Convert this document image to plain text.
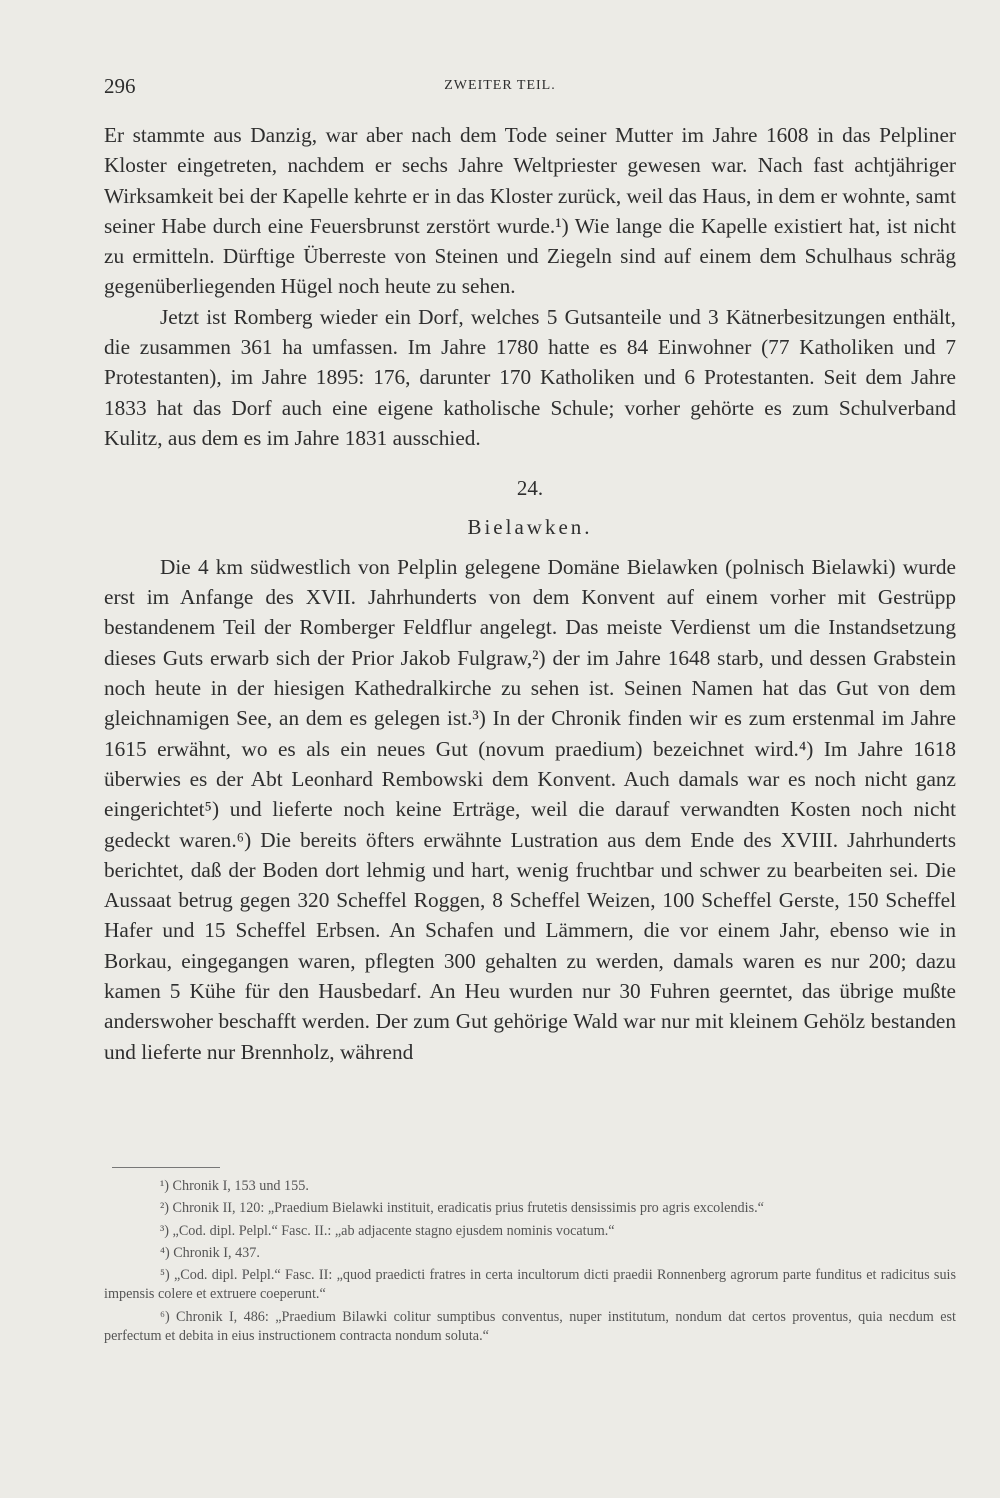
296	ZWEITER TEIL.

Er stammte aus Danzig, war aber nach dem Tode seiner Mutter im Jahre 1608 in das Pelpliner Kloster eingetreten, nachdem er sechs Jahre Weltpriester gewesen war. Nach fast achtjähriger Wirksamkeit bei der Kapelle kehrte er in das Kloster zurück, weil das Haus, in dem er wohnte, samt seiner Habe durch eine Feuersbrunst zerstört wurde.¹) Wie lange die Kapelle existiert hat, ist nicht zu ermitteln. Dürftige Überreste von Steinen und Ziegeln sind auf einem dem Schulhaus schräg gegenüberliegenden Hügel noch heute zu sehen.

Jetzt ist Romberg wieder ein Dorf, welches 5 Gutsanteile und 3 Kätnerbesitzungen enthält, die zusammen 361 ha umfassen. Im Jahre 1780 hatte es 84 Einwohner (77 Katholiken und 7 Protestanten), im Jahre 1895: 176, darunter 170 Katholiken und 6 Protestanten. Seit dem Jahre 1833 hat das Dorf auch eine eigene katholische Schule; vorher gehörte es zum Schulverband Kulitz, aus dem es im Jahre 1831 ausschied.

24.
Bielawken.

Die 4 km südwestlich von Pelplin gelegene Domäne Bielawken (polnisch Bielawki) wurde erst im Anfange des XVII. Jahrhunderts von dem Konvent auf einem vorher mit Gestrüpp bestandenem Teil der Romberger Feldflur angelegt. Das meiste Verdienst um die Instandsetzung dieses Guts erwarb sich der Prior Jakob Fulgraw,²) der im Jahre 1648 starb, und dessen Grabstein noch heute in der hiesigen Kathedralkirche zu sehen ist. Seinen Namen hat das Gut von dem gleichnamigen See, an dem es gelegen ist.³) In der Chronik finden wir es zum erstenmal im Jahre 1615 erwähnt, wo es als ein neues Gut (novum praedium) bezeichnet wird.⁴) Im Jahre 1618 überwies es der Abt Leonhard Rembowski dem Konvent. Auch damals war es noch nicht ganz eingerichtet⁵) und lieferte noch keine Erträge, weil die darauf verwandten Kosten noch nicht gedeckt waren.⁶) Die bereits öfters erwähnte Lustration aus dem Ende des XVIII. Jahrhunderts berichtet, daß der Boden dort lehmig und hart, wenig fruchtbar und schwer zu bearbeiten sei. Die Aussaat betrug gegen 320 Scheffel Roggen, 8 Scheffel Weizen, 100 Scheffel Gerste, 150 Scheffel Hafer und 15 Scheffel Erbsen. An Schafen und Lämmern, die vor einem Jahr, ebenso wie in Borkau, eingegangen waren, pflegten 300 gehalten zu werden, damals waren es nur 200; dazu kamen 5 Kühe für den Hausbedarf. An Heu wurden nur 30 Fuhren geerntet, das übrige mußte anderswoher beschafft werden. Der zum Gut gehörige Wald war nur mit kleinem Gehölz bestanden und lieferte nur Brennholz, während

¹) Chronik I, 153 und 155.

²) Chronik II, 120: „Praedium Bielawki instituit, eradicatis prius frutetis densissimis pro agris excolendis.“

³) „Cod. dipl. Pelpl.“ Fasc. II.: „ab adjacente stagno ejusdem nominis vocatum.“

⁴) Chronik I, 437.

⁵) „Cod. dipl. Pelpl.“ Fasc. II: „quod praedicti fratres in certa incultorum dicti praedii Ronnenberg agrorum parte funditus et radicitus suis impensis colere et extruere coeperunt.“

⁶) Chronik I, 486: „Praedium Bilawki colitur sumptibus conventus, nuper institutum, nondum dat certos proventus, quia necdum est perfectum et debita in eius instructionem contracta nondum soluta.“
